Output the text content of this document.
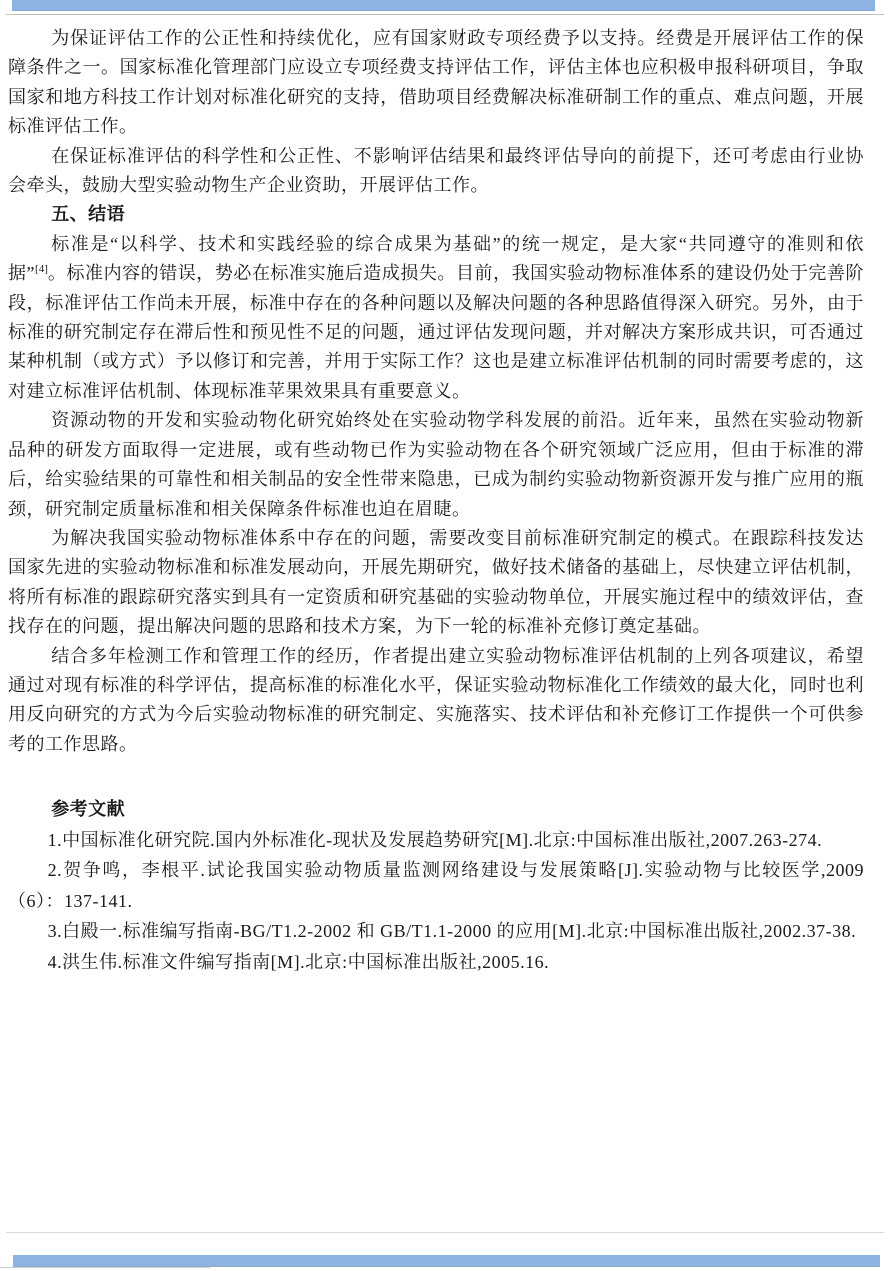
为保证评估工作的公正性和持续优化，应有国家财政专项经费予以支持。经费是开展评估工作的保障条件之一。国家标准化管理部门应设立专项经费支持评估工作，评估主体也应积极申报科研项目，争取国家和地方科技工作计划对标准化研究的支持，借助项目经费解决标准研制工作的重点、难点问题，开展标准评估工作。

在保证标准评估的科学性和公正性、不影响评估结果和最终评估导向的前提下，还可考虑由行业协会牵头，鼓励大型实验动物生产企业资助，开展评估工作。

五、结语

标准是“以科学、技术和实践经验的综合成果为基础”的统一规定，是大家“共同遵守的准则和依据”[4]。标准内容的错误，势必在标准实施后造成损失。目前，我国实验动物标准体系的建设仍处于完善阶段，标准评估工作尚未开展，标准中存在的各种问题以及解决问题的各种思路值得深入研究。另外，由于标准的研究制定存在滞后性和预见性不足的问题，通过评估发现问题，并对解决方案形成共识，可否通过某种机制（或方式）予以修订和完善，并用于实际工作？这也是建立标准评估机制的同时需要考虑的，这对建立标准评估机制、体现标准苹果效果具有重要意义。

资源动物的开发和实验动物化研究始终处在实验动物学科发展的前沿。近年来，虽然在实验动物新品种的研发方面取得一定进展，或有些动物已作为实验动物在各个研究领域广泛应用，但由于标准的滞后，给实验结果的可靠性和相关制品的安全性带来隐患，已成为制约实验动物新资源开发与推广应用的瓶颈，研究制定质量标准和相关保障条件标准也迫在眉睫。

为解决我国实验动物标准体系中存在的问题，需要改变目前标准研究制定的模式。在跟踪科技发达国家先进的实验动物标准和标准发展动向，开展先期研究，做好技术储备的基础上，尽快建立评估机制，将所有标准的跟踪研究落实到具有一定资质和研究基础的实验动物单位，开展实施过程中的绩效评估，查找存在的问题，提出解决问题的思路和技术方案，为下一轮的标准补充修订奠定基础。

结合多年检测工作和管理工作的经历，作者提出建立实验动物标准评估机制的上列各项建议，希望通过对现有标准的科学评估，提高标准的标准化水平，保证实验动物标准化工作绩效的最大化，同时也利用反向研究的方式为今后实验动物标准的研究制定、实施落实、技术评估和补充修订工作提供一个可供参考的工作思路。

参考文献

1.中国标准化研究院.国内外标准化-现状及发展趋势研究[M].北京:中国标准出版社,2007.263-274.

2.贺争鸣，李根平.试论我国实验动物质量监测网络建设与发展策略[J].实验动物与比较医学,2009（6）：137-141.

3.白殿一.标准编写指南-BG/T1.2-2002 和 GB/T1.1-2000 的应用[M].北京:中国标准出版社,2002.37-38.

4.洪生伟.标准文件编写指南[M].北京:中国标准出版社,2005.16.
